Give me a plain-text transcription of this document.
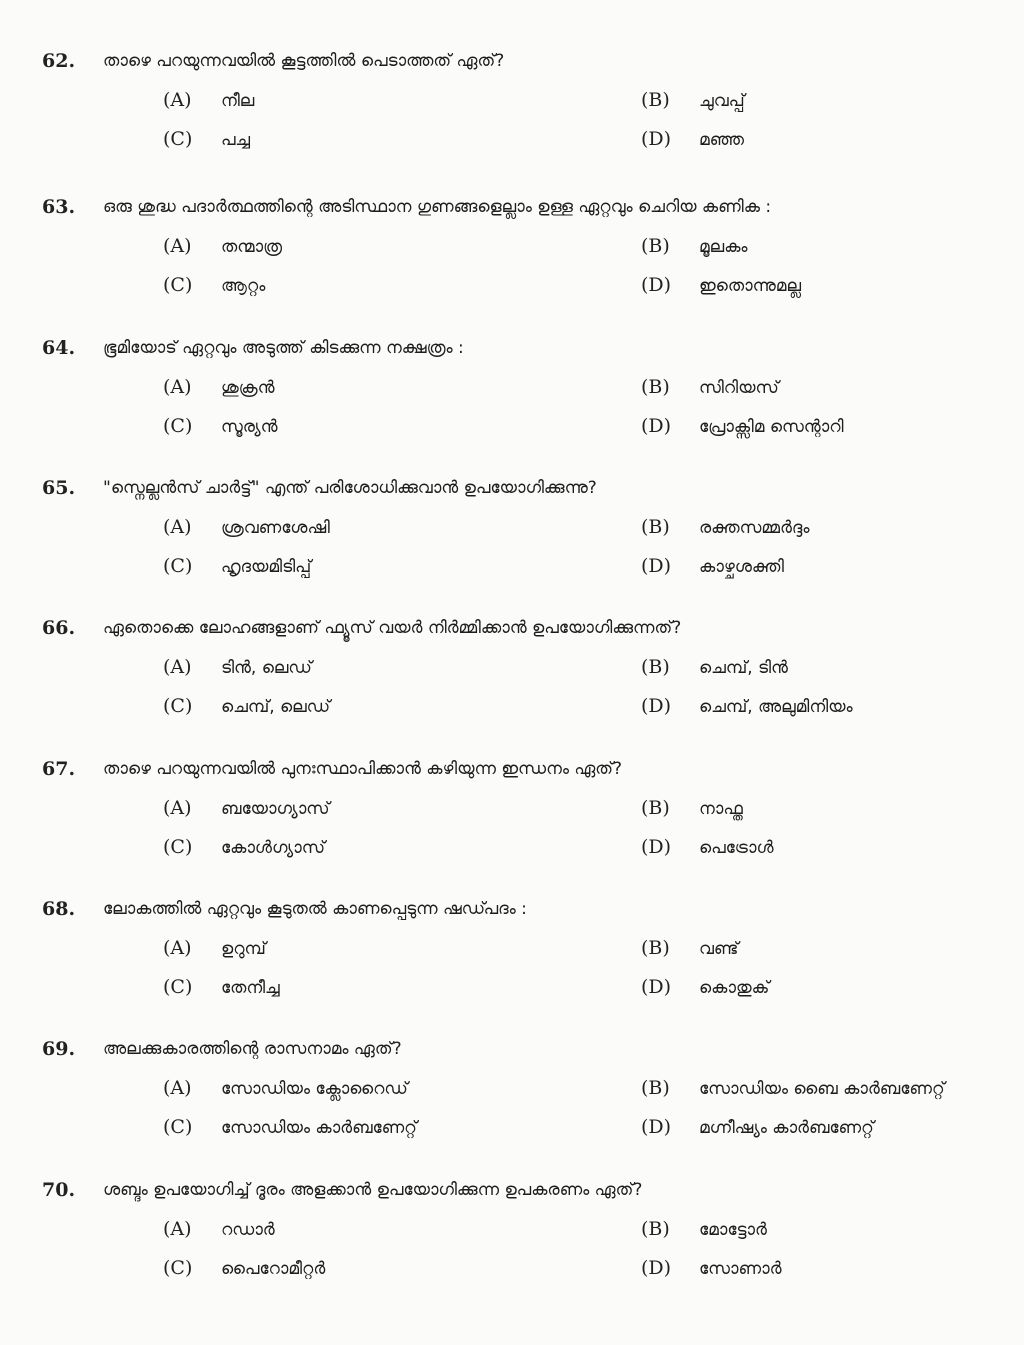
62. താഴെ പറയുന്നവയിൽ കൂട്ടത്തിൽ പെടാത്തത് ഏത്?
(A) നീല	(B) ചുവപ്പ്
(C) പച്ച	(D) മഞ്ഞ
63. ഒരു ശുദ്ധ പദാർത്ഥത്തിന്റെ അടിസ്ഥാന ഗുണങ്ങളെല്ലാം ഉള്ള ഏറ്റവും ചെറിയ കണിക :
(A) തന്മാത്ര	(B) മൂലകം
(C) ആറ്റം	(D) ഇതൊന്നുമല്ല
64. ഭൂമിയോട് ഏറ്റവും അടുത്ത് കിടക്കുന്ന നക്ഷത്രം :
(A) ശുക്രൻ	(B) സിറിയസ്
(C) സൂര്യൻ	(D) പ്രോക്സിമ സെന്റാറി
65. "സ്നെല്ലൻസ് ചാർട്ട്" എന്ത് പരിശോധിക്കുവാൻ ഉപയോഗിക്കുന്നു?
(A) ശ്രവണശേഷി	(B) രക്തസമ്മർദ്ദം
(C) ഹൃദയമിടിപ്പ്	(D) കാഴ്ചശക്തി
66. ഏതൊക്കെ ലോഹങ്ങളാണ് ഫ്യൂസ് വയർ നിർമ്മിക്കാൻ ഉപയോഗിക്കുന്നത്?
(A) ടിൻ, ലെഡ്	(B) ചെമ്പ്, ടിൻ
(C) ചെമ്പ്, ലെഡ്	(D) ചെമ്പ്, അലുമിനിയം
67. താഴെ പറയുന്നവയിൽ പുനഃസ്ഥാപിക്കാൻ കഴിയുന്ന ഇന്ധനം ഏത്?
(A) ബയോഗ്യാസ്	(B) നാഫ്ത
(C) കോൾഗ്യാസ്	(D) പെട്രോൾ
68. ലോകത്തിൽ ഏറ്റവും കൂടുതൽ കാണപ്പെടുന്ന ഷഡ്പദം :
(A) ഉറുമ്പ്	(B) വണ്ട്
(C) തേനീച്ച	(D) കൊതുക്
69. അലക്കുകാരത്തിന്റെ രാസനാമം ഏത്?
(A) സോഡിയം ക്ലോറൈഡ്	(B) സോഡിയം ബൈ കാർബണേറ്റ്
(C) സോഡിയം കാർബണേറ്റ്	(D) മഗ്നീഷ്യം കാർബണേറ്റ്
70. ശബ്ദം ഉപയോഗിച്ച് ദൂരം അളക്കാൻ ഉപയോഗിക്കുന്ന ഉപകരണം ഏത്?
(A) റഡാർ	(B) മോട്ടോർ
(C) പൈറോമീറ്റർ	(D) സോണാർ
